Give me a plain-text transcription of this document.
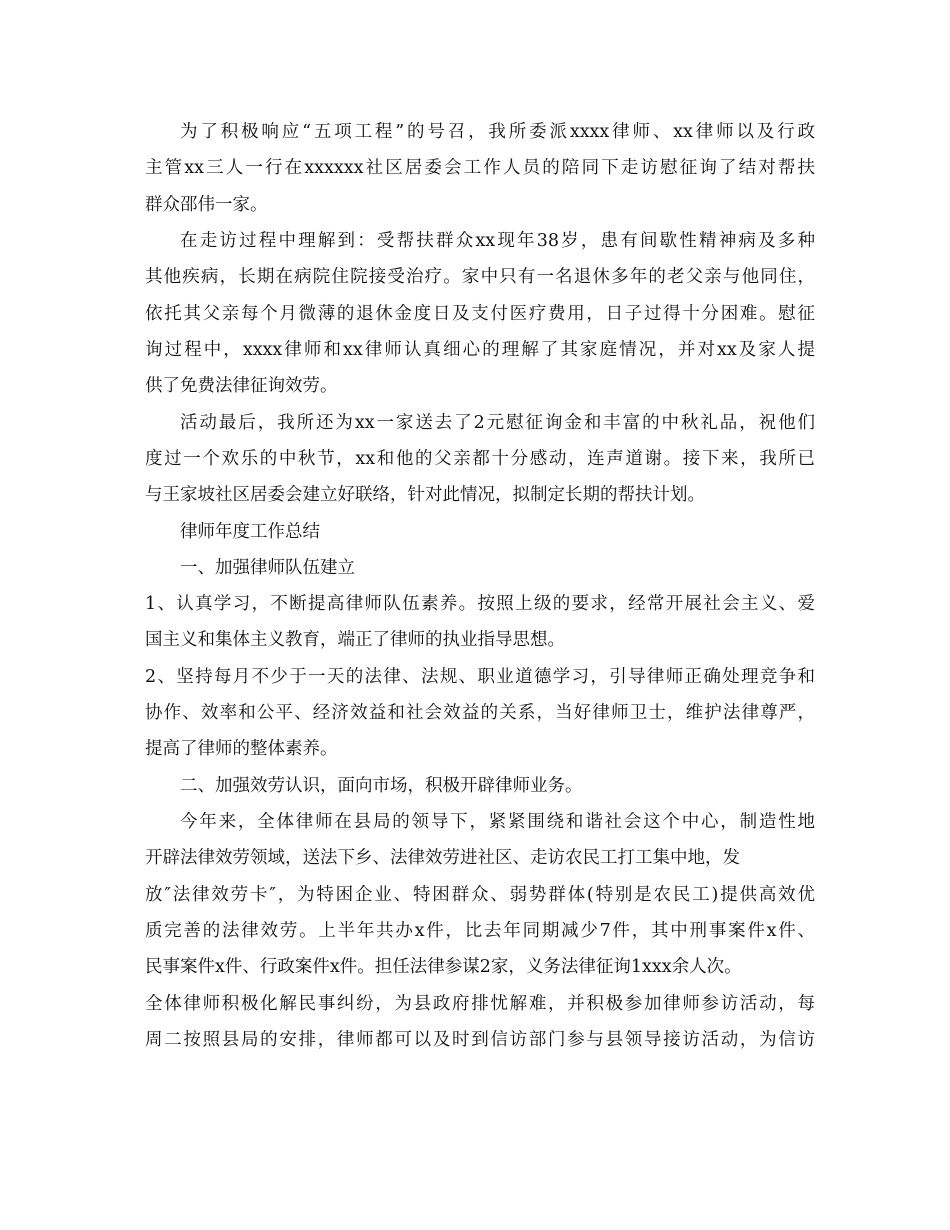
为了积极响应“五项工程”的号召，我所委派xxxx律师、xx律师以及行政
主管xx三人一行在xxxxxx社区居委会工作人员的陪同下走访慰征询了结对帮扶
群众邵伟一家。
在走访过程中理解到：受帮扶群众xx现年38岁，患有间歇性精神病及多种
其他疾病，长期在病院住院接受治疗。家中只有一名退休多年的老父亲与他同住，
依托其父亲每个月微薄的退休金度日及支付医疗费用，日子过得十分困难。慰征
询过程中，xxxx律师和xx律师认真细心的理解了其家庭情况，并对xx及家人提
供了免费法律征询效劳。
活动最后，我所还为xx一家送去了2元慰征询金和丰富的中秋礼品，祝他们
度过一个欢乐的中秋节，xx和他的父亲都十分感动，连声道谢。接下来，我所已
与王家坡社区居委会建立好联络，针对此情况，拟制定长期的帮扶计划。
律师年度工作总结
一、加强律师队伍建立
1、认真学习，不断提高律师队伍素养。按照上级的要求，经常开展社会主义、爱
国主义和集体主义教育，端正了律师的执业指导思想。
2、坚持每月不少于一天的法律、法规、职业道德学习，引导律师正确处理竞争和
协作、效率和公平、经济效益和社会效益的关系，当好律师卫士，维护法律尊严，
提高了律师的整体素养。
二、加强效劳认识，面向市场，积极开辟律师业务。
今年来，全体律师在县局的领导下，紧紧围绕和谐社会这个中心，制造性地
开辟法律效劳领域，送法下乡、法律效劳进社区、走访农民工打工集中地，发
放″法律效劳卡″，为特困企业、特困群众、弱势群体(特别是农民工)提供高效优
质完善的法律效劳。上半年共办x件，比去年同期减少7件，其中刑事案件x件、
民事案件x件、行政案件x件。担任法律参谋2家，义务法律征询1xxx余人次。
全体律师积极化解民事纠纷，为县政府排忧解难，并积极参加律师参访活动，每
周二按照县局的安排，律师都可以及时到信访部门参与县领导接访活动，为信访
